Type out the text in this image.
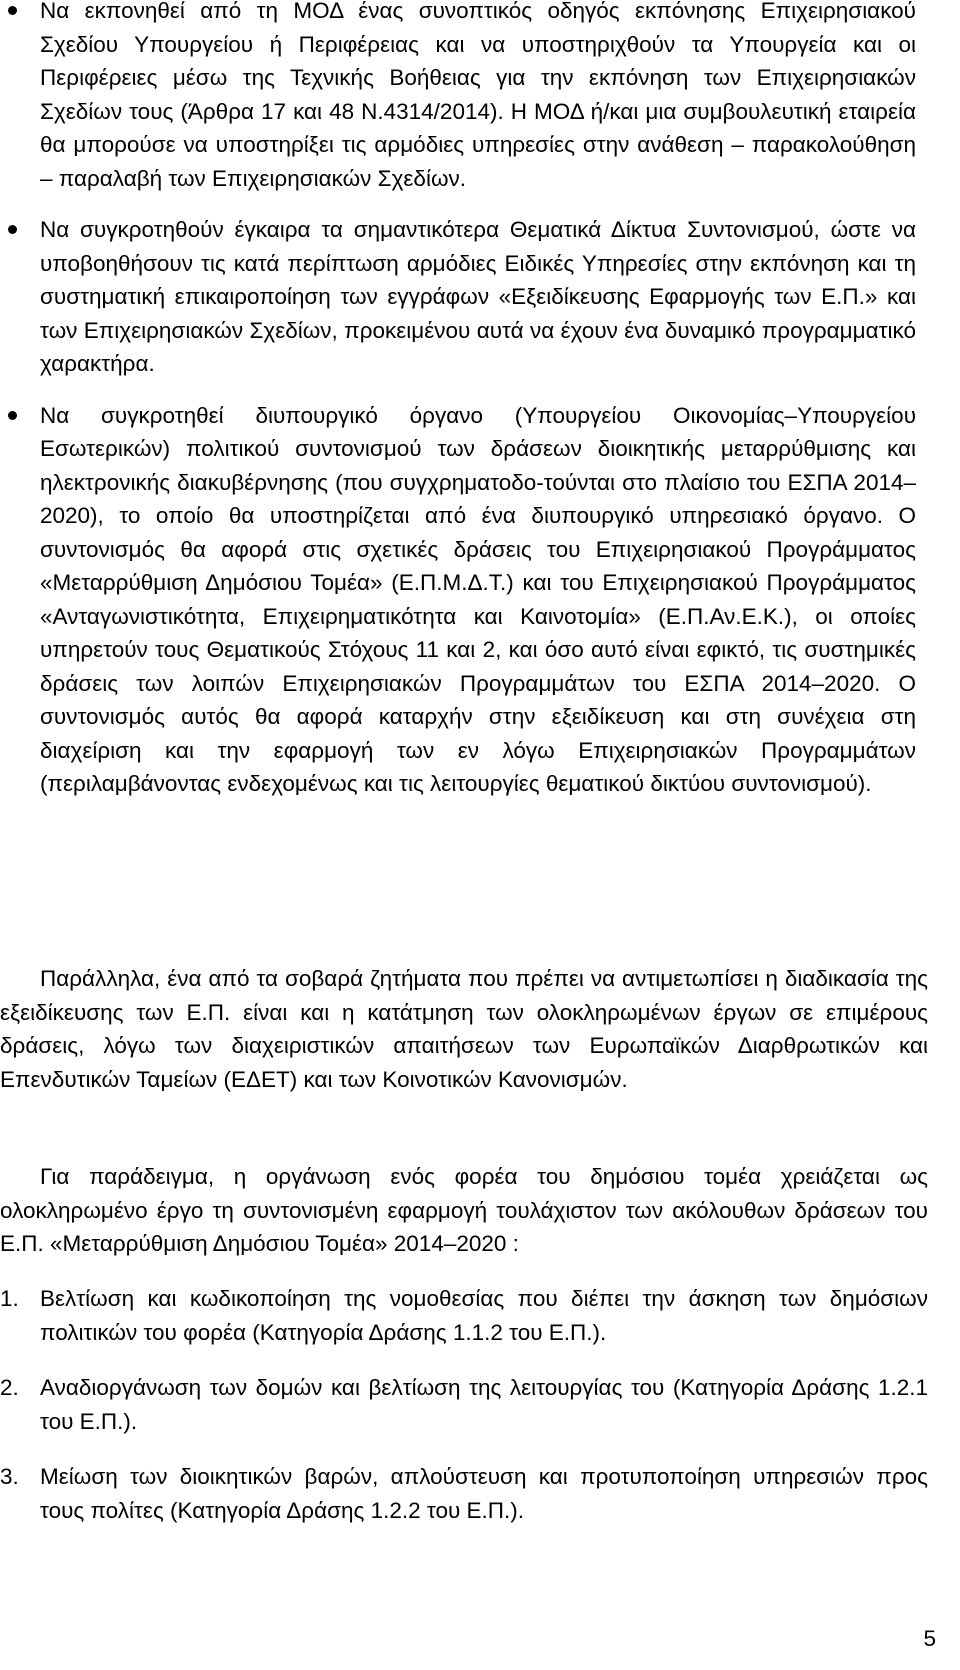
Να εκπονηθεί από τη ΜΟΔ ένας συνοπτικός οδηγός εκπόνησης Επιχειρησιακού Σχεδίου Υπουργείου ή Περιφέρειας και να υποστηριχθούν τα Υπουργεία και οι Περιφέρειες μέσω της Τεχνικής Βοήθειας για την εκπόνηση των Επιχειρησιακών Σχεδίων τους (Άρθρα 17 και 48 Ν.4314/2014). Η ΜΟΔ ή/και μια συμβουλευτική εταιρεία θα μπορούσε να υποστηρίξει τις αρμόδιες υπηρεσίες στην ανάθεση – παρακολούθηση – παραλαβή των Επιχειρησιακών Σχεδίων.
Να συγκροτηθούν έγκαιρα τα σημαντικότερα Θεματικά Δίκτυα Συντονισμού, ώστε να υποβοηθήσουν τις κατά περίπτωση αρμόδιες Ειδικές Υπηρεσίες στην εκπόνηση και τη συστηματική επικαιροποίηση των εγγράφων «Εξειδίκευσης Εφαρμογής των Ε.Π.» και των Επιχειρησιακών Σχεδίων, προκειμένου αυτά να έχουν ένα δυναμικό προγραμματικό χαρακτήρα.
Να συγκροτηθεί διυπουργικό όργανο (Υπουργείου Οικονομίας–Υπουργείου Εσωτερικών) πολιτικού συντονισμού των δράσεων διοικητικής μεταρρύθμισης και ηλεκτρονικής διακυβέρνησης (που συγχρηματοδο-τούνται στο πλαίσιο του ΕΣΠΑ 2014–2020), το οποίο θα υποστηρίζεται από ένα διυπουργικό υπηρεσιακό όργανο. Ο συντονισμός θα αφορά στις σχετικές δράσεις του Επιχειρησιακού Προγράμματος «Μεταρρύθμιση Δημόσιου Τομέα» (Ε.Π.Μ.Δ.Τ.) και του Επιχειρησιακού Προγράμματος «Ανταγωνιστικότητα, Επιχειρηματικότητα και Καινοτομία» (Ε.Π.Αν.Ε.Κ.), οι οποίες υπηρετούν τους Θεματικούς Στόχους 11 και 2, και όσο αυτό είναι εφικτό, τις συστημικές δράσεις των λοιπών Επιχειρησιακών Προγραμμάτων του ΕΣΠΑ 2014–2020. Ο συντονισμός αυτός θα αφορά καταρχήν στην εξειδίκευση και στη συνέχεια στη διαχείριση και την εφαρμογή των εν λόγω Επιχειρησιακών Προγραμμάτων (περιλαμβάνοντας ενδεχομένως και τις λειτουργίες θεματικού δικτύου συντονισμού).

Παράλληλα, ένα από τα σοβαρά ζητήματα που πρέπει να αντιμετωπίσει η διαδικασία της εξειδίκευσης των Ε.Π. είναι και η κατάτμηση των ολοκληρωμένων έργων σε επιμέρους δράσεις, λόγω των διαχειριστικών απαιτήσεων των Ευρωπαϊκών Διαρθρωτικών και Επενδυτικών Ταμείων (ΕΔΕΤ) και των Κοινοτικών Κανονισμών.

Για παράδειγμα, η οργάνωση ενός φορέα του δημόσιου τομέα χρειάζεται ως ολοκληρωμένο έργο τη συντονισμένη εφαρμογή τουλάχιστον των ακόλουθων δράσεων του Ε.Π. «Μεταρρύθμιση Δημόσιου Τομέα» 2014–2020 :

1. Βελτίωση και κωδικοποίηση της νομοθεσίας που διέπει την άσκηση των δημόσιων πολιτικών του φορέα (Κατηγορία Δράσης 1.1.2 του Ε.Π.).
2. Αναδιοργάνωση των δομών και βελτίωση της λειτουργίας του (Κατηγορία Δράσης 1.2.1 του Ε.Π.).
3. Μείωση των διοικητικών βαρών, απλούστευση και προτυποποίηση υπηρεσιών προς τους πολίτες (Κατηγορία Δράσης 1.2.2 του Ε.Π.).
5
